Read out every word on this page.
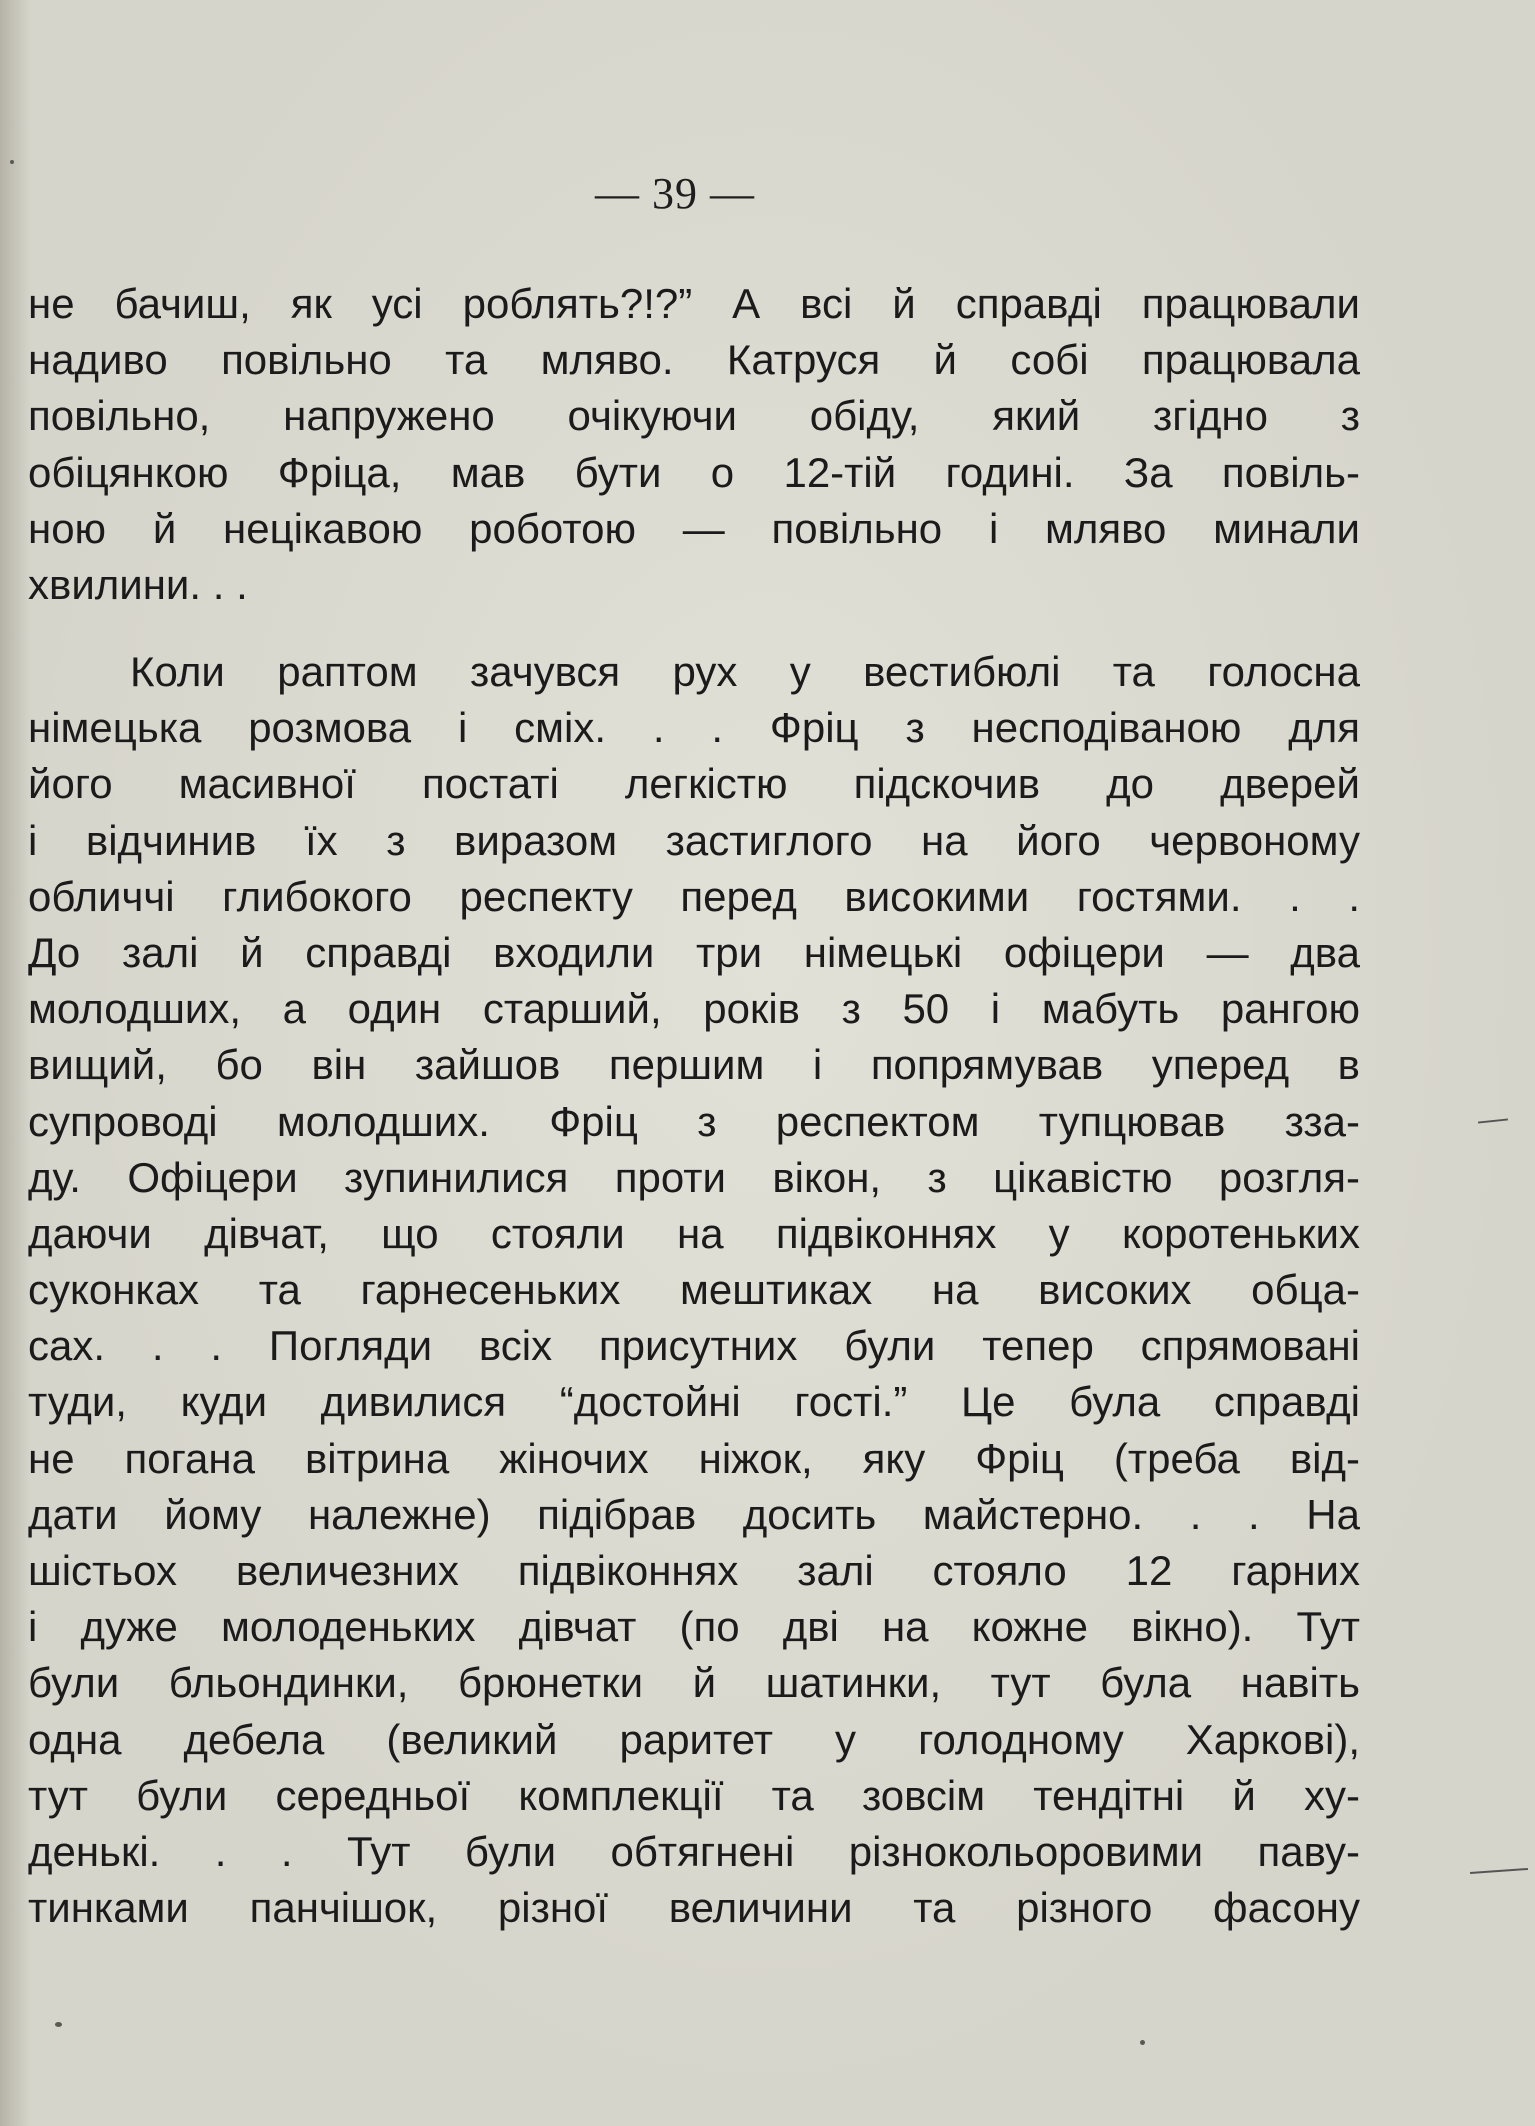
— 39 —
не бачиш, як усі роблять?!?” А всі й справді працювали
надиво повільно та мляво. Катруся й собі працювала
повільно, напружено очікуючи обіду, який згідно з
обіцянкою Фріца, мав бути о 12-тій годині. За повіль-
ною й нецікавою роботою — повільно і мляво минали
хвилини. . .
Коли раптом зачувся рух у вестибюлі та голосна
німецька розмова і сміх. . . Фріц з несподіваною для
його масивної постаті легкістю підскочив до дверей
і відчинив їх з виразом застиглого на його червоному
обличчі глибокого респекту перед високими гостями. . .
До залі й справді входили три німецькі офіцери — два
молодших, а один старший, років з 50 і мабуть рангою
вищий, бо він зайшов першим і попрямував уперед в
супроводі молодших. Фріц з респектом тупцював зза-
ду. Офіцери зупинилися проти вікон, з цікавістю розгля-
даючи дівчат, що стояли на підвіконнях у коротеньких
суконках та гарнесеньких мештиках на високих обца-
сах. . . Погляди всіх присутних були тепер спрямовані
туди, куди дивилися “достойні гості.” Це була справді
не погана вітрина жіночих ніжок, яку Фріц (треба від-
дати йому належне) підібрав досить майстерно. . . На
шістьох величезних підвіконнях залі стояло 12 гарних
і дуже молоденьких дівчат (по дві на кожне вікно). Тут
були бльондинки, брюнетки й шатинки, тут була навіть
одна дебела (великий раритет у голодному Харкові),
тут були середньої комплекції та зовсім тендітні й ху-
денькі. . . Тут були обтягнені різнокольоровими паву-
тинками панчішок, різної величини та різного фасону
